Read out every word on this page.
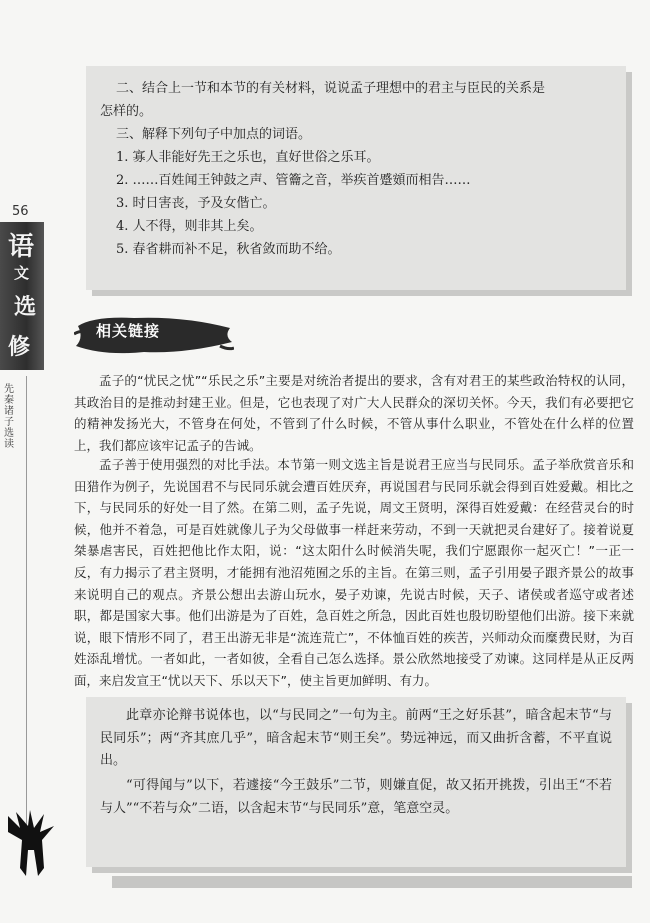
二、结合上一节和本节的有关材料，说说孟子理想中的君主与臣民的关系是
怎样的。
三、解释下列句子中加点的词语。
1. 寡人非能好先王之乐也，直好世俗之乐耳。
2. ……百姓闻王钟鼓之声、管籥之音，举疾首蹙頞而相告……
3. 时日害丧，予及女偕亡。
4. 人不得，则非其上矣。
5. 春省耕而补不足，秋省敛而助不给。
56
语
文
选
修
先秦诸子选读
相关链接

孟子的“忧民之忧”“乐民之乐”主要是对统治者提出的要求，含有对君王的某些政治特权的认同，其政治目的是推动封建王业。但是，它也表现了对广大人民群众的深切关怀。今天，我们有必要把它的精神发扬光大，不管身在何处，不管到了什么时候，不管从事什么职业，不管处在什么样的位置上，我们都应该牢记孟子的告诫。

孟子善于使用强烈的对比手法。本节第一则文选主旨是说君王应当与民同乐。孟子举欣赏音乐和田猎作为例子，先说国君不与民同乐就会遭百姓厌弃，再说国君与民同乐就会得到百姓爱戴。相比之下，与民同乐的好处一目了然。在第二则，孟子先说，周文王贤明，深得百姓爱戴：在经营灵台的时候，他并不着急，可是百姓就像儿子为父母做事一样赶来劳动，不到一天就把灵台建好了。接着说夏桀暴虐害民，百姓把他比作太阳，说：“这太阳什么时候消失呢，我们宁愿跟你一起灭亡！”一正一反，有力揭示了君主贤明，才能拥有池沼苑囿之乐的主旨。在第三则，孟子引用晏子跟齐景公的故事来说明自己的观点。齐景公想出去游山玩水，晏子劝谏，先说古时候，天子、诸侯或者巡守或者述职，都是国家大事。他们出游是为了百姓，急百姓之所急，因此百姓也殷切盼望他们出游。接下来就说，眼下情形不同了，君王出游无非是“流连荒亡”，不体恤百姓的疾苦，兴师动众而糜费民财，为百姓添乱增忧。一者如此，一者如彼，全看自己怎么选择。景公欣然地接受了劝谏。这同样是从正反两面，来启发宣王“忧以天下、乐以天下”，使主旨更加鲜明、有力。

此章亦论辩书说体也，以“与民同之”一句为主。前两“王之好乐甚”，暗含起末节“与民同乐”；两“齐其庶几乎”，暗含起末节“则王矣”。势远神远，而又曲折含蓄，不平直说出。

“可得闻与”以下，若遽接“今王鼓乐”二节，则嫌直促，故又拓开挑拨，引出王“不若与人”“不若与众”二语，以含起末节“与民同乐”意，笔意空灵。
